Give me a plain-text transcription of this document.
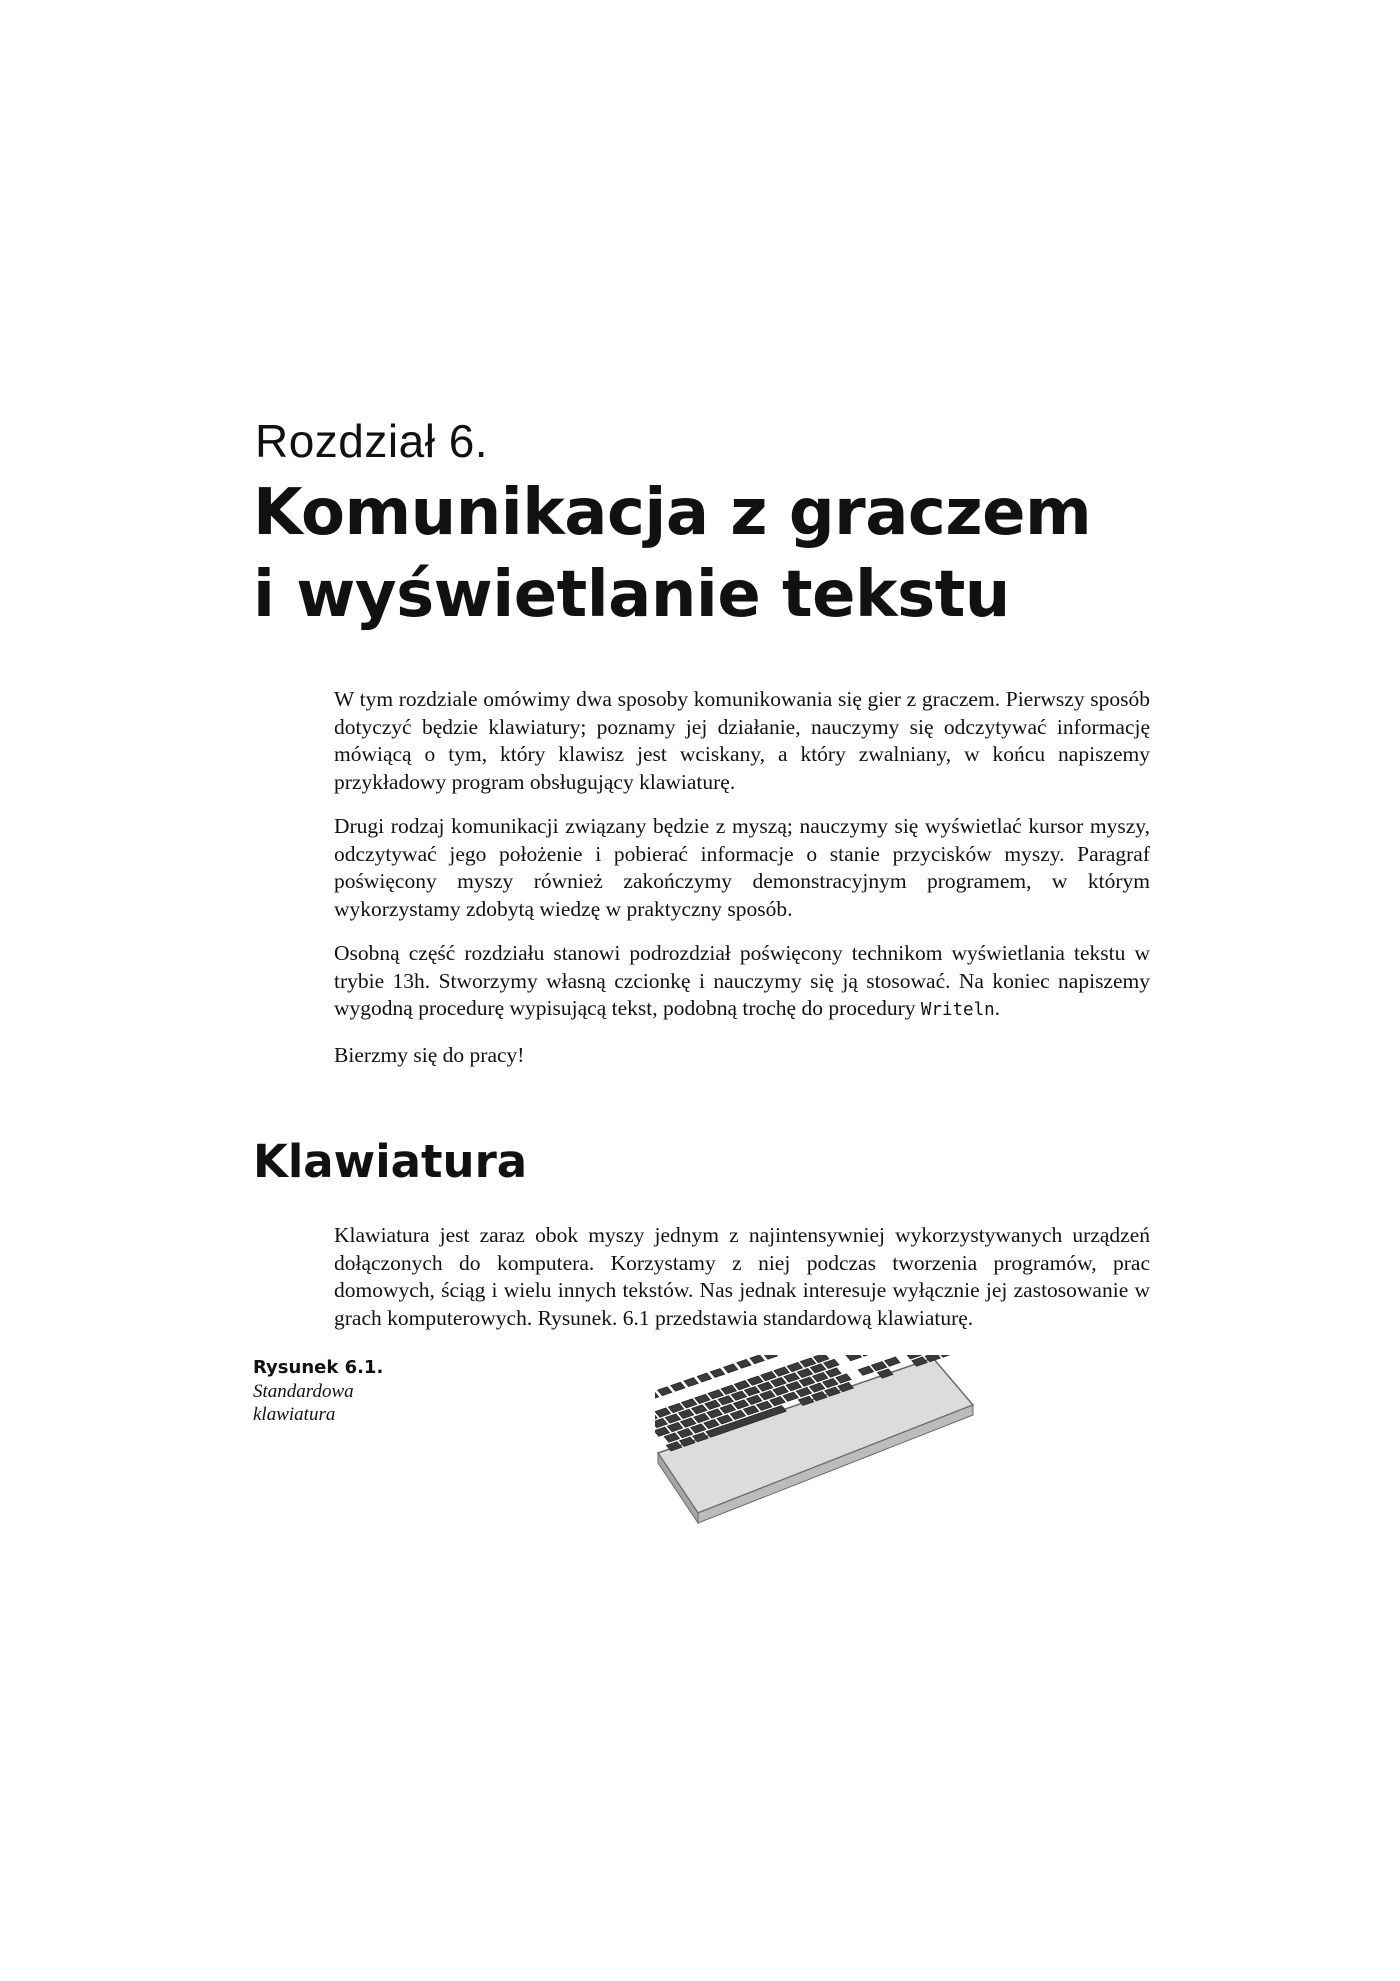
Rozdział 6.
Komunikacja z graczem
i wyświetlanie tekstu

W tym rozdziale omówimy dwa sposoby komunikowania się gier z graczem. Pierwszy sposób dotyczyć będzie klawiatury; poznamy jej działanie, nauczymy się odczytywać informację mówiącą o tym, który klawisz jest wciskany, a który zwalniany, w końcu napiszemy przykładowy program obsługujący klawiaturę.

Drugi rodzaj komunikacji związany będzie z myszą; nauczymy się wyświetlać kursor myszy, odczytywać jego położenie i pobierać informacje o stanie przycisków myszy. Paragraf poświęcony myszy również zakończymy demonstracyjnym programem, w którym wykorzystamy zdobytą wiedzę w praktyczny sposób.

Osobną część rozdziału stanowi podrozdział poświęcony technikom wyświetlania tekstu w trybie 13h. Stworzymy własną czcionkę i nauczymy się ją stosować. Na koniec napiszemy wygodną procedurę wypisującą tekst, podobną trochę do procedury Writeln.

Bierzmy się do pracy!

Klawiatura

Klawiatura jest zaraz obok myszy jednym z najintensywniej wykorzystywanych urządzeń dołączonych do komputera. Korzystamy z niej podczas tworzenia programów, prac domowych, ściąg i wielu innych tekstów. Nas jednak interesuje wyłącznie jej zastosowanie w grach komputerowych. Rysunek. 6.1 przedstawia standardową klawiaturę.

Rysunek 6.1.
Standardowa klawiatura
